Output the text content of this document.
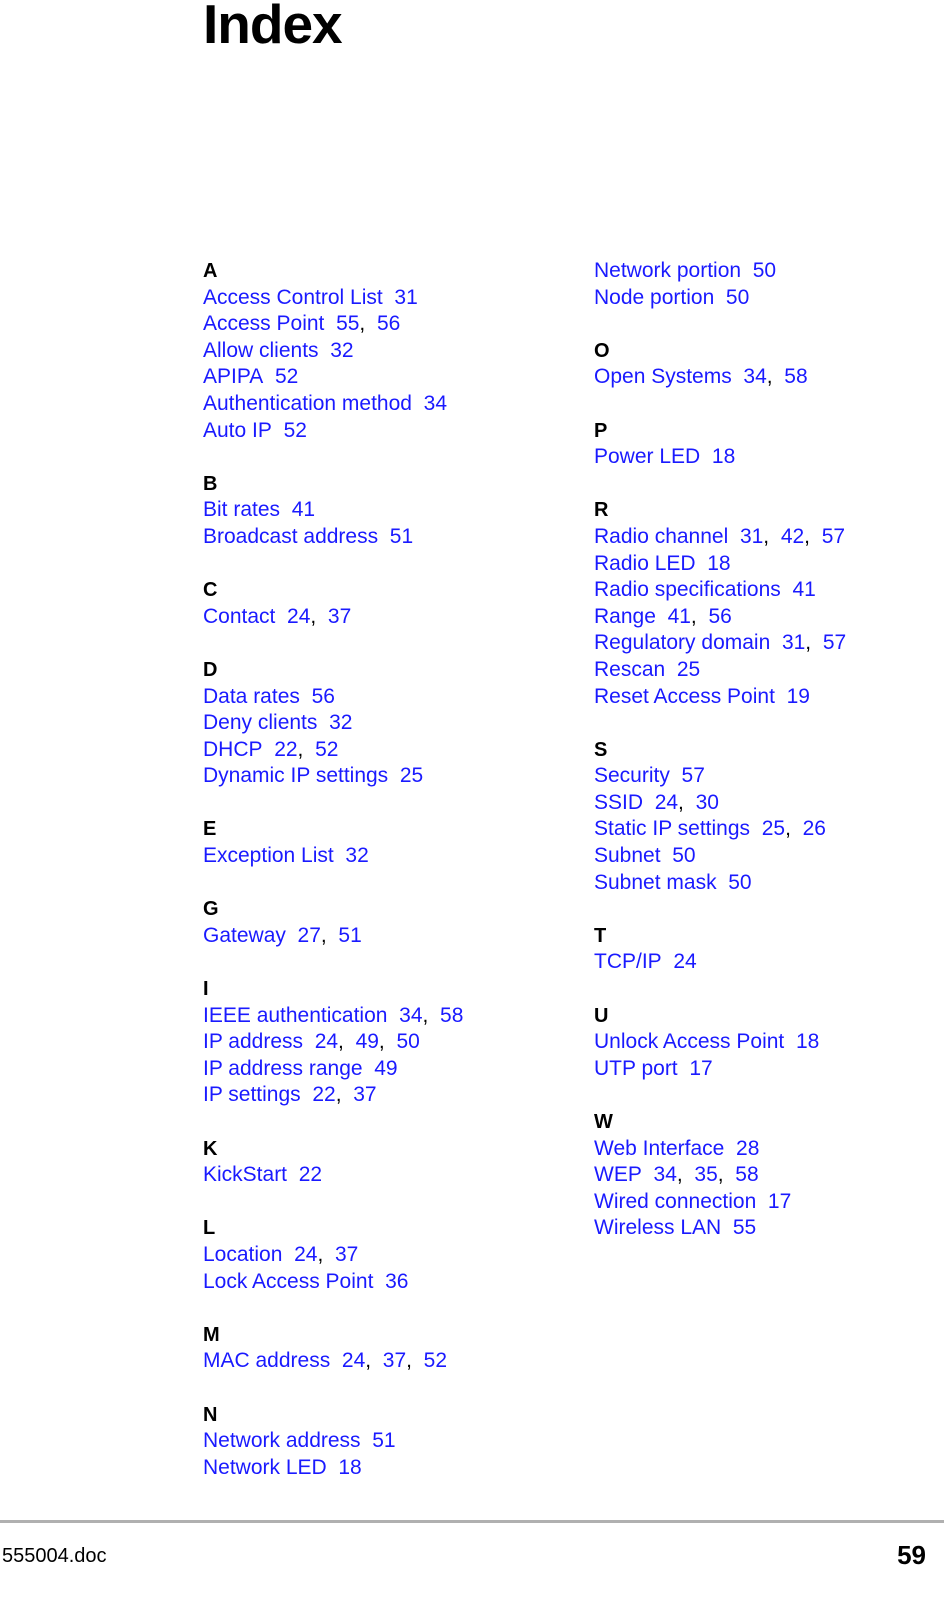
Index
A
Access Control List 31
Access Point 55, 56
Allow clients 32
APIPA 52
Authentication method 34
Auto IP 52
B
Bit rates 41
Broadcast address 51
C
Contact 24, 37
D
Data rates 56
Deny clients 32
DHCP 22, 52
Dynamic IP settings 25
E
Exception List 32
G
Gateway 27, 51
I
IEEE authentication 34, 58
IP address 24, 49, 50
IP address range 49
IP settings 22, 37
K
KickStart 22
L
Location 24, 37
Lock Access Point 36
M
MAC address 24, 37, 52
N
Network address 51
Network LED 18
Network portion 50
Node portion 50
O
Open Systems 34, 58
P
Power LED 18
R
Radio channel 31, 42, 57
Radio LED 18
Radio specifications 41
Range 41, 56
Regulatory domain 31, 57
Rescan 25
Reset Access Point 19
S
Security 57
SSID 24, 30
Static IP settings 25, 26
Subnet 50
Subnet mask 50
T
TCP/IP 24
U
Unlock Access Point 18
UTP port 17
W
Web Interface 28
WEP 34, 35, 58
Wired connection 17
Wireless LAN 55
555004.doc	59
